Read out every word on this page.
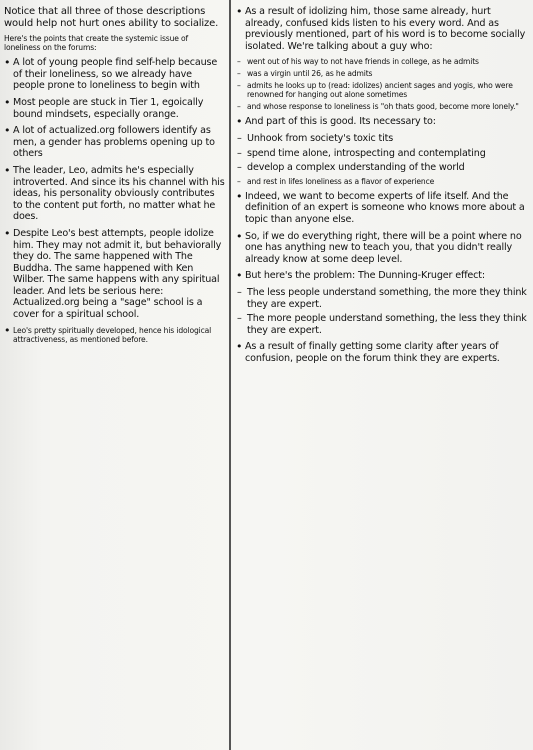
Notice that all three of those descriptions would help not hurt ones ability to socialize.

Here's the points that create the systemic issue of loneliness on the forums:

• A lot of young people find self-help because of their loneliness, so we already have people prone to loneliness to begin with

• Most people are stuck in Tier 1, egoically bound mindsets, especially orange.

• A lot of actualized.org followers identify as men, a gender has problems opening up to others

• The leader, Leo, admits he's especially introverted. And since its his channel with his ideas, his personality obviously contributes to the content put forth, no matter what he does.

• Despite Leo's best attempts, people idolize him. They may not admit it, but behaviorally they do. The same happened with The Buddha. The same happened with Ken Wilber. The same happens with any spiritual leader. And lets be serious here: Actualized.org being a "sage" school is a cover for a spiritual school.

• Leo's pretty spiritually developed, hence his idological attractiveness, as mentioned before.

• As a result of idolizing him, those same already, hurt already, confused kids listen to his every word. And as previously mentioned, part of his word is to become socially isolated. We're talking about a guy who:

– went out of his way to not have friends in college, as he admits
– was a virgin until 26, as he admits
– admits he looks up to (read: idolizes) ancient sages and yogis, who were renowned for hanging out alone sometimes
– and whose response to loneliness is "oh thats good, become more lonely."

• And part of this is good. Its necessary to:

– Unhook from society's toxic tits
– spend time alone, introspecting and contemplating
– develop a complex understanding of the world
– and rest in lifes loneliness as a flavor of experience

• Indeed, we want to become experts of life itself. And the definition of an expert is someone who knows more about a topic than anyone else.

• So, if we do everything right, there will be a point where no one has anything new to teach you, that you didn't really already know at some deep level.

• But here's the problem: The Dunning-Kruger effect:

– The less people understand something, the more they think they are expert.
– The more people understand something, the less they think they are expert.

• As a result of finally getting some clarity after years of confusion, people on the forum think they are experts.
